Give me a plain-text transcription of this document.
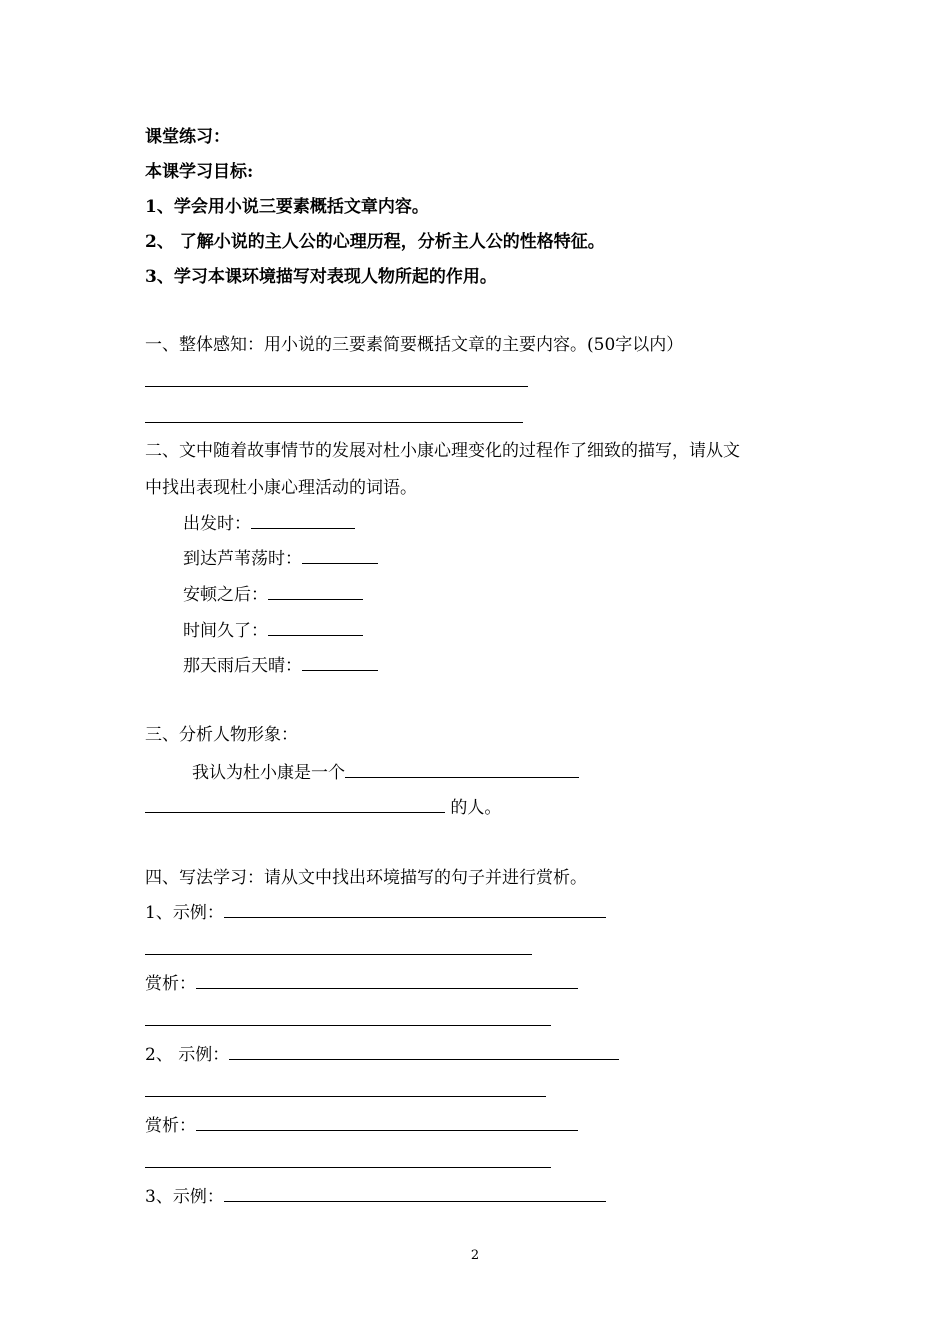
课堂练习：
本课学习目标:
1、学会用小说三要素概括文章内容。
2、 了解小说的主人公的心理历程，分析主人公的性格特征。
3、学习本课环境描写对表现人物所起的作用。
一、整体感知：用小说的三要素简要概括文章的主要内容。(50字以内）
二、文中随着故事情节的发展对杜小康心理变化的过程作了细致的描写，请从文
中找出表现杜小康心理活动的词语。
出发时：
到达芦苇荡时：
安顿之后：
时间久了：
那天雨后天晴：
三、分析人物形象：
我认为杜小康是一个
的人。
四、写法学习：请从文中找出环境描写的句子并进行赏析。
1、示例：
赏析：
2、 示例：
赏析：
3、示例：
2
